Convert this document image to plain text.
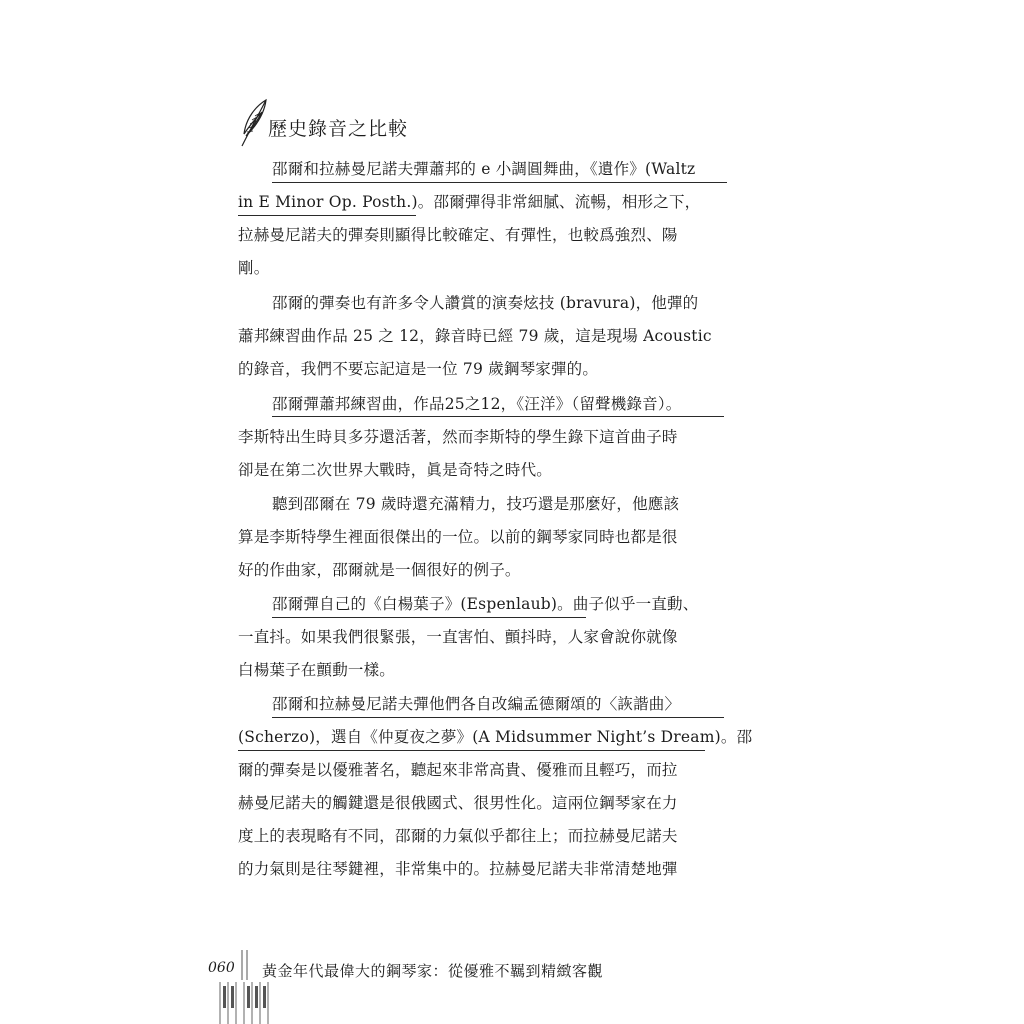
歷史錄音之比較
邵爾和拉赫曼尼諾夫彈蕭邦的 e 小調圓舞曲，《遺作》(Waltz
in E Minor Op. Posth.)。邵爾彈得非常細膩、流暢，相形之下，
拉赫曼尼諾夫的彈奏則顯得比較確定、有彈性，也較爲強烈、陽
剛。
邵爾的彈奏也有許多令人讚賞的演奏炫技 (bravura)，他彈的
蕭邦練習曲作品 25 之 12，錄音時已經 79 歲，這是現場 Acoustic
的錄音，我們不要忘記這是一位 79 歲鋼琴家彈的。
邵爾彈蕭邦練習曲，作品25之12，《汪洋》（留聲機錄音）。
李斯特出生時貝多芬還活著，然而李斯特的學生錄下這首曲子時
卻是在第二次世界大戰時，眞是奇特之時代。
聽到邵爾在 79 歲時還充滿精力，技巧還是那麼好，他應該
算是李斯特學生裡面很傑出的一位。以前的鋼琴家同時也都是很
好的作曲家，邵爾就是一個很好的例子。
邵爾彈自己的《白楊葉子》(Espenlaub)。曲子似乎一直動、
一直抖。如果我們很緊張，一直害怕、顫抖時，人家會說你就像
白楊葉子在顫動一樣。
邵爾和拉赫曼尼諾夫彈他們各自改編孟德爾頌的〈詼諧曲〉
(Scherzo)，選自《仲夏夜之夢》(A Midsummer Night’s Dream)。邵
爾的彈奏是以優雅著名，聽起來非常高貴、優雅而且輕巧，而拉
赫曼尼諾夫的觸鍵還是很俄國式、很男性化。這兩位鋼琴家在力
度上的表現略有不同，邵爾的力氣似乎都往上；而拉赫曼尼諾夫
的力氣則是往琴鍵裡，非常集中的。拉赫曼尼諾夫非常清楚地彈
060 黃金年代最偉大的鋼琴家：從優雅不羈到精緻客觀
